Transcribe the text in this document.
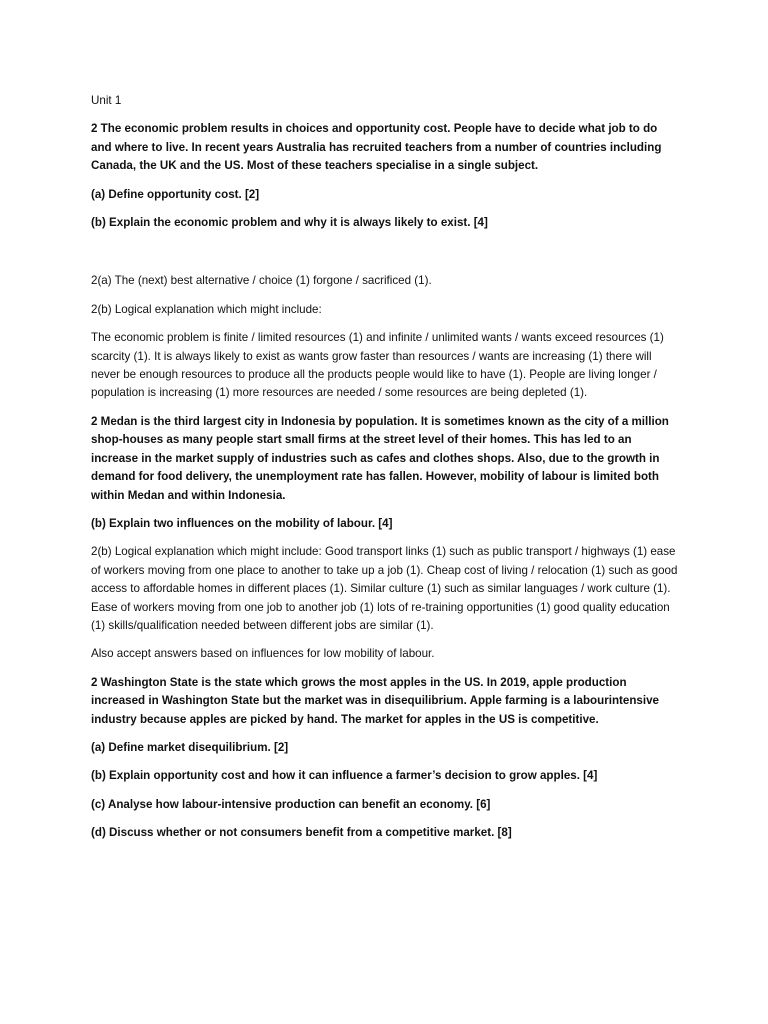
Unit 1

2 The economic problem results in choices and opportunity cost. People have to decide what job to do and where to live. In recent years Australia has recruited teachers from a number of countries including Canada, the UK and the US. Most of these teachers specialise in a single subject.

(a) Define opportunity cost. [2]

(b) Explain the economic problem and why it is always likely to exist. [4]

2(a) The (next) best alternative / choice (1) forgone / sacrificed (1).

2(b) Logical explanation which might include:

The economic problem is finite / limited resources (1) and infinite / unlimited wants / wants exceed resources (1) scarcity (1). It is always likely to exist as wants grow faster than resources / wants are increasing (1) there will never be enough resources to produce all the products people would like to have (1). People are living longer / population is increasing (1) more resources are needed / some resources are being depleted (1).

2 Medan is the third largest city in Indonesia by population. It is sometimes known as the city of a million shop-houses as many people start small firms at the street level of their homes. This has led to an increase in the market supply of industries such as cafes and clothes shops. Also, due to the growth in demand for food delivery, the unemployment rate has fallen. However, mobility of labour is limited both within Medan and within Indonesia.

(b) Explain two influences on the mobility of labour. [4]

2(b) Logical explanation which might include: Good transport links (1) such as public transport / highways (1) ease of workers moving from one place to another to take up a job (1). Cheap cost of living / relocation (1) such as good access to affordable homes in different places (1). Similar culture (1) such as similar languages / work culture (1). Ease of workers moving from one job to another job (1) lots of re-training opportunities (1) good quality education (1) skills/qualification needed between different jobs are similar (1).

Also accept answers based on influences for low mobility of labour.

2 Washington State is the state which grows the most apples in the US. In 2019, apple production increased in Washington State but the market was in disequilibrium. Apple farming is a labourintensive industry because apples are picked by hand. The market for apples in the US is competitive.

(a) Define market disequilibrium. [2]

(b) Explain opportunity cost and how it can influence a farmer’s decision to grow apples. [4]

(c) Analyse how labour-intensive production can benefit an economy. [6]

(d) Discuss whether or not consumers benefit from a competitive market. [8]
